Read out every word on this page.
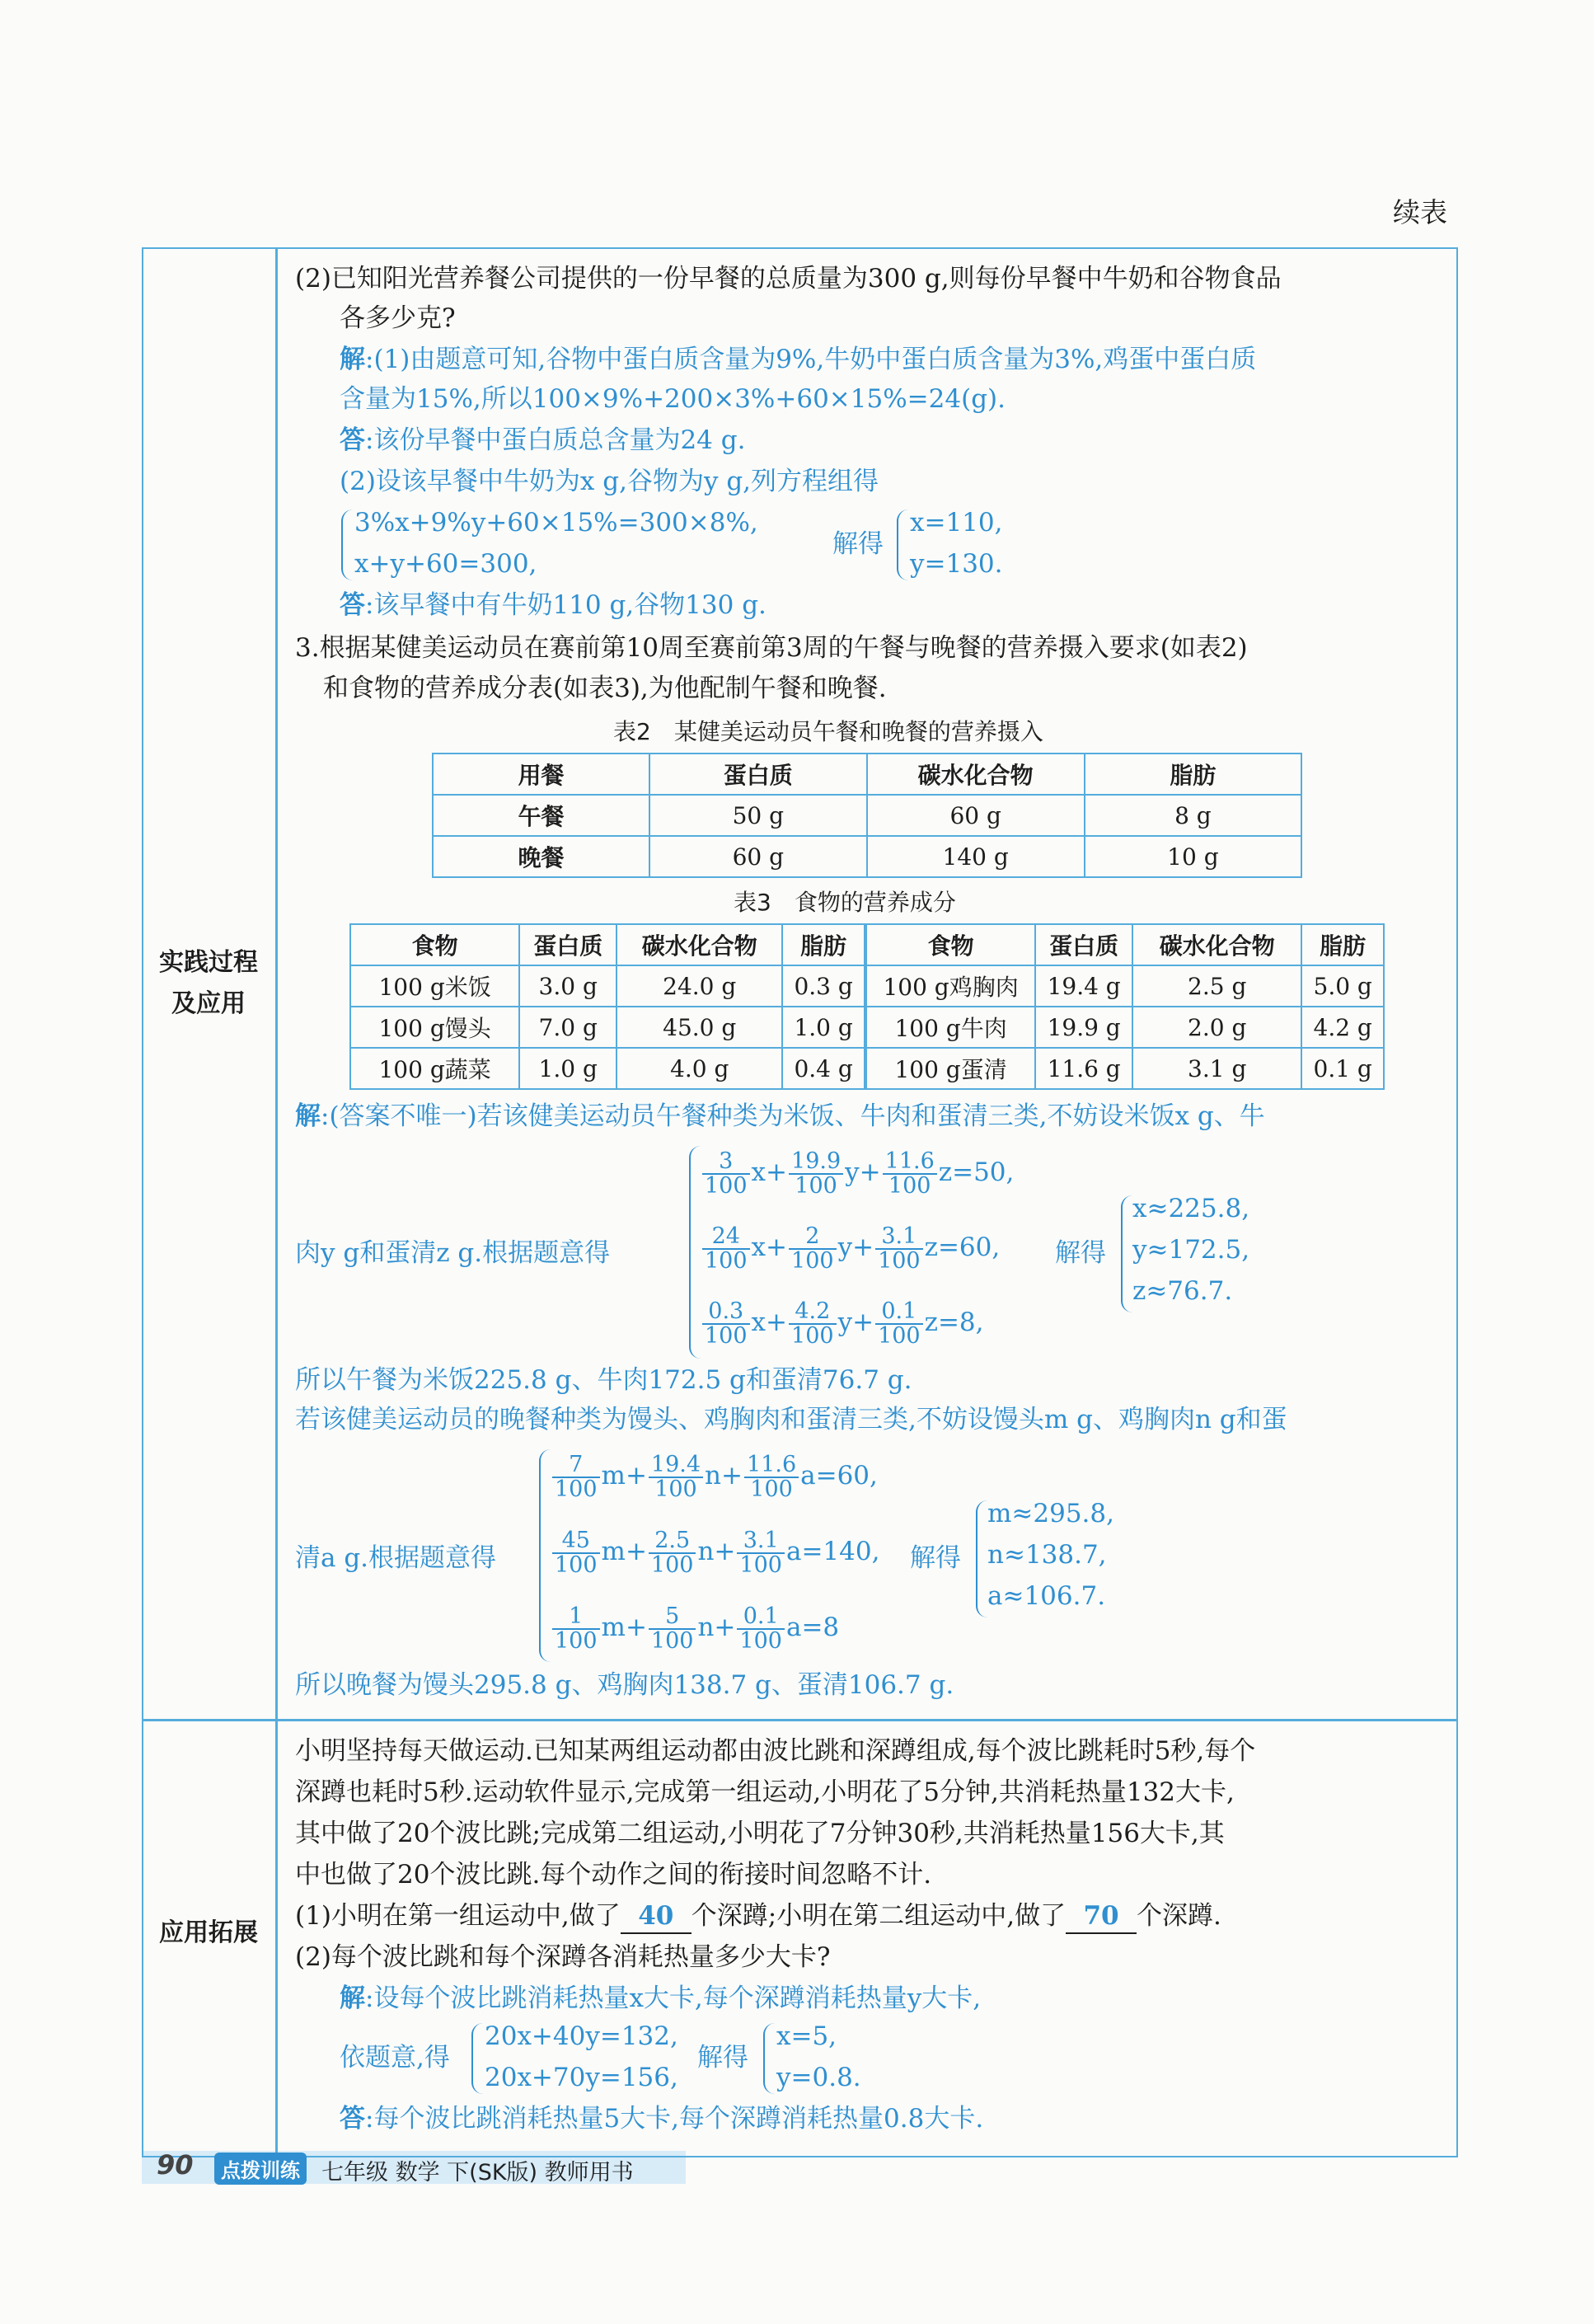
续表
实践过程
及应用
应用拓展
(2)已知阳光营养餐公司提供的一份早餐的总质量为300 g,则每份早餐中牛奶和谷物食品
各多少克?
解:(1)由题意可知,谷物中蛋白质含量为9%,牛奶中蛋白质含量为3%,鸡蛋中蛋白质
含量为15%,所以100×9%+200×3%+60×15%=24(g).
答:该份早餐中蛋白质总含量为24 g.
(2)设该早餐中牛奶为x g,谷物为y g,列方程组得
3%x+9%y+60×15%=300×8%,
x+y+60=300,
解得
x=110,
y=130.
答:该早餐中有牛奶110 g,谷物130 g.
3.根据某健美运动员在赛前第10周至赛前第3周的午餐与晚餐的营养摄入要求(如表2)
和食物的营养成分表(如表3),为他配制午餐和晚餐.
表2　某健美运动员午餐和晚餐的营养摄入
用餐	蛋白质	碳水化合物	脂肪
午餐	50 g	60 g	8 g
晚餐	60 g	140 g	10 g
表3　食物的营养成分
食物	蛋白质	碳水化合物	脂肪	食物	蛋白质	碳水化合物	脂肪
100 g米饭	3.0 g	24.0 g	0.3 g	100 g鸡胸肉	19.4 g	2.5 g	5.0 g
100 g馒头	7.0 g	45.0 g	1.0 g	100 g牛肉	19.9 g	2.0 g	4.2 g
100 g蔬菜	1.0 g	4.0 g	0.4 g	100 g蛋清	11.6 g	3.1 g	0.1 g
解:(答案不唯一)若该健美运动员午餐种类为米饭、牛肉和蛋清三类,不妨设米饭x g、牛
肉y g和蛋清z g.根据题意得
$\frac{3}{100} x+ \frac{19.9}{100} y+ \frac{11.6}{100} z=50$,
$\frac{24}{100} x+ \frac{2}{100} y+ \frac{3.1}{100} z=60$,
$\frac{0.3}{100} x+ \frac{4.2}{100} y+ \frac{0.1}{100} z=8$,
解得
x≈225.8,
y≈172.5,
z≈76.7.
所以午餐为米饭225.8 g、牛肉172.5 g和蛋清76.7 g.
若该健美运动员的晚餐种类为馒头、鸡胸肉和蛋清三类,不妨设馒头m g、鸡胸肉n g和蛋
清a g.根据题意得
$\frac{7}{100} m+ \frac{19.4}{100} n+ \frac{11.6}{100} a=60$,
$\frac{45}{100} m+ \frac{2.5}{100} n+ \frac{3.1}{100} a=140$,
$\frac{1}{100} m+ \frac{5}{100} n+ \frac{0.1}{100} a=8$
解得
m≈295.8,
n≈138.7,
a≈106.7.
所以晚餐为馒头295.8 g、鸡胸肉138.7 g、蛋清106.7 g.
小明坚持每天做运动.已知某两组运动都由波比跳和深蹲组成,每个波比跳耗时5秒,每个
深蹲也耗时5秒.运动软件显示,完成第一组运动,小明花了5分钟,共消耗热量132大卡,
其中做了20个波比跳;完成第二组运动,小明花了7分钟30秒,共消耗热量156大卡,其
中也做了20个波比跳.每个动作之间的衔接时间忽略不计.
(1)小明在第一组运动中,做了 40 个深蹲;小明在第二组运动中,做了 70 个深蹲.
(2)每个波比跳和每个深蹲各消耗热量多少大卡?
解:设每个波比跳消耗热量x大卡,每个深蹲消耗热量y大卡,
依题意,得
20x+40y=132,
20x+70y=156,
解得
x=5,
y=0.8.
答:每个波比跳消耗热量5大卡,每个深蹲消耗热量0.8大卡.
90	点拨训练 七年级 数学 下(SK版) 教师用书
